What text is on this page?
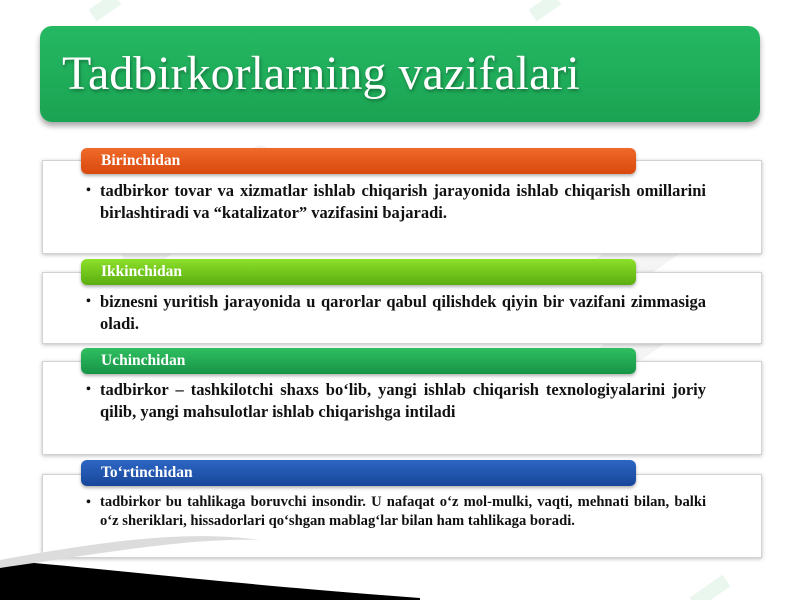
Tadbirkorlarning vazifalari
Birinchidan
• tadbirkor tovar va xizmatlar ishlab chiqarish jarayonida ishlab chiqarish omillarini birlashtiradi va “katalizator” vazifasini bajaradi.
Ikkinchidan
• biznesni yuritish jarayonida u qarorlar qabul qilishdek qiyin bir vazifani zimmasiga oladi.
Uchinchidan
• tadbirkor – tashkilotchi shaxs bo‘lib, yangi ishlab chiqarish texnologiyalarini joriy qilib, yangi mahsulotlar ishlab chiqarishga intiladi
To‘rtinchidan
• tadbirkor bu tahlikaga boruvchi insondir. U nafaqat o‘z mol-mulki, vaqti, mehnati bilan, balki o‘z sheriklari, hissadorlari qo‘shgan mablag‘lar bilan ham tahlikaga boradi.
